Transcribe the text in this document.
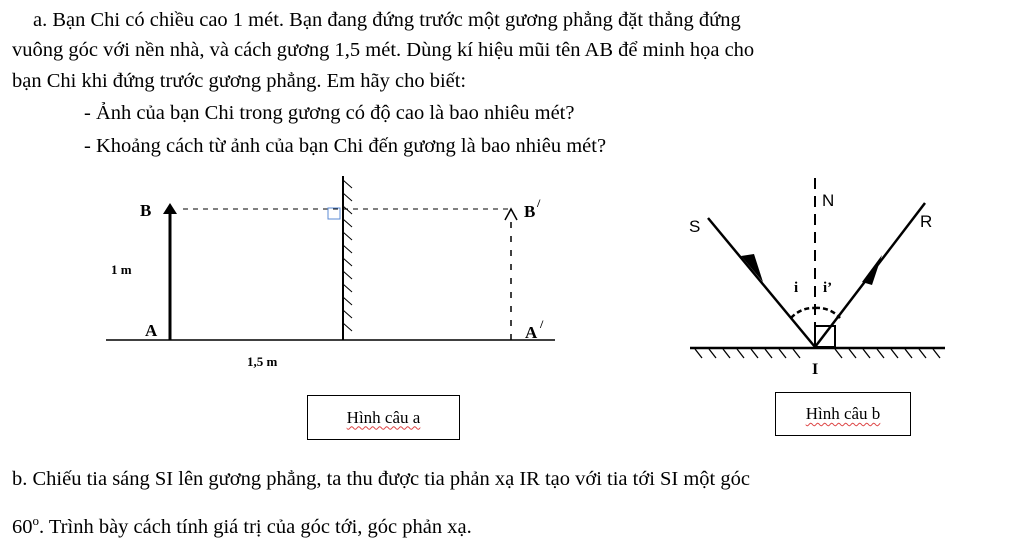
a. Bạn Chi có chiều cao 1 mét. Bạn đang đứng trước một gương phẳng đặt thẳng đứng
vuông góc với nền nhà, và cách gương 1,5 mét. Dùng kí hiệu mũi tên AB để minh họa cho
bạn Chi khi đứng trước gương phẳng. Em hãy cho biết:
- Ảnh của bạn Chi trong gương có độ cao là bao nhiêu mét?
- Khoảng cách từ ảnh của bạn Chi đến gương là bao nhiêu mét?
B
A
1 m
1,5 m
B /
A /
S
N
R
i i’
I
Hình câu a	Hình câu b
b. Chiếu tia sáng SI lên gương phẳng, ta thu được tia phản xạ IR tạo với tia tới SI một góc
60$^o$. Trình bày cách tính giá trị của góc tới, góc phản xạ.
